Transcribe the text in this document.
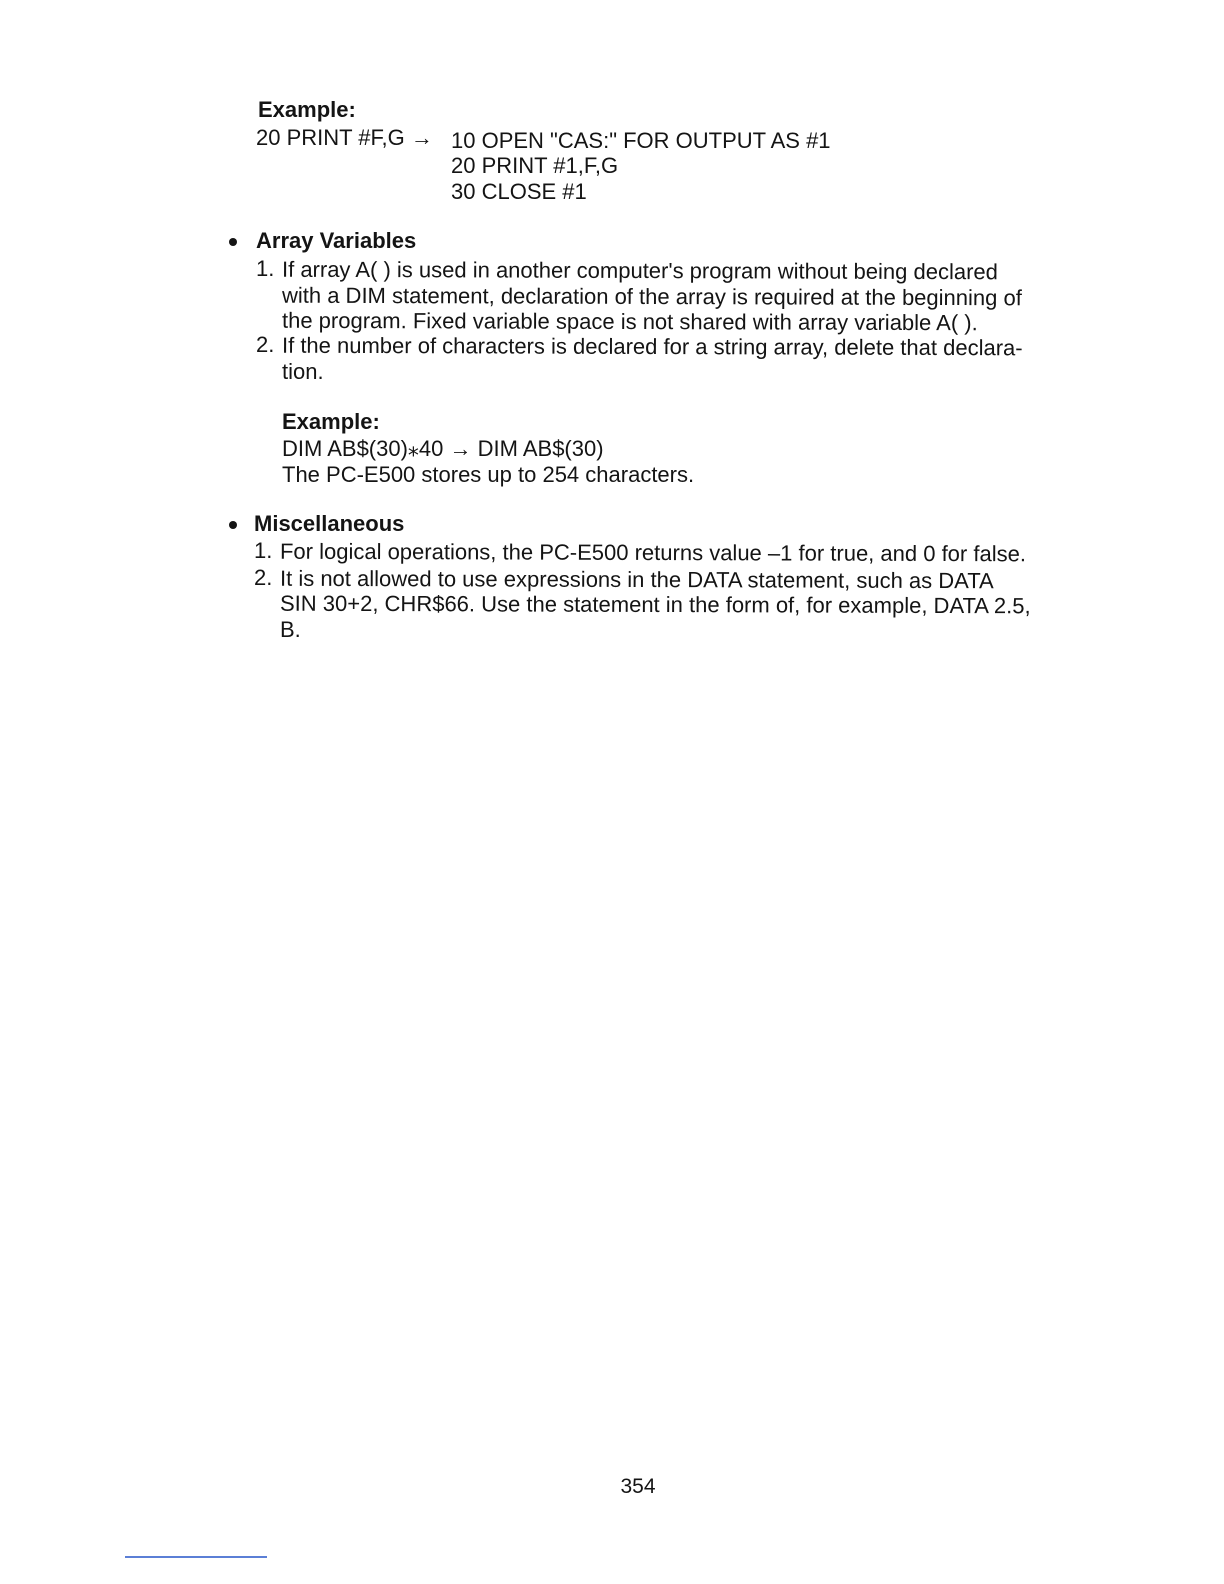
Example:
20 PRINT #F,G → 10 OPEN "CAS:" FOR OUTPUT AS #1
20 PRINT #1,F,G
30 CLOSE #1
Array Variables
1. If array A( ) is used in another computer's program without being declared
with a DIM statement, declaration of the array is required at the beginning of
the program. Fixed variable space is not shared with array variable A( ).
2. If the number of characters is declared for a string array, delete that declara-
tion.
Example:
DIM AB$(30)⁎40 → DIM AB$(30)
The PC-E500 stores up to 254 characters.
Miscellaneous
1. For logical operations, the PC-E500 returns value –1 for true, and 0 for false.
2. It is not allowed to use expressions in the DATA statement, such as DATA
SIN 30+2, CHR$66. Use the statement in the form of, for example, DATA 2.5,
B.
354
